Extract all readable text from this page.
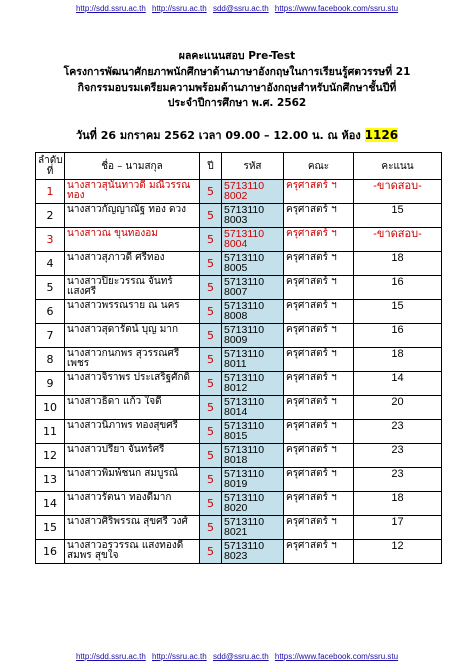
http://sdd.ssru.ac.th http://ssru.ac.th sdd@ssru.ac.th https://www.facebook.com/ssru.stu
ผลคะแนนสอบ Pre-Test
โครงการพัฒนาศักยภาพนักศึกษาด้านภาษาอังกฤษในการเรียนรู้ศตวรรษที่ 21
กิจกรรมอบรมเตรียมความพร้อมด้านภาษาอังกฤษสำหรับนักศึกษาชั้นปีที่
ประจำปีการศึกษา พ.ศ. 2562
วันที่ 26 มกราคม 2562 เวลา 09.00 – 12.00 น. ณ ห้อง 1126
ลำดับที่	ชื่อ – นามสกุล	ปี	รหัส	คณะ	คะแนน
1	นางสาวสุนันทาวดี มณีวรรณทอง	5	5713110 8002	ครุศาสตร์ ฯ	-ขาดสอบ-
2	นางสาวกัญญาณัฐ ทอง ดวง	5	5713110 8003	ครุศาสตร์ ฯ	15
3	นางสาวณ ขุนทองอม	5	5713110 8004	ครุศาสตร์ ฯ	-ขาดสอบ-
4	นางสาวสุภาวดี ศรีทอง	5	5713110 8005	ครุศาสตร์ ฯ	18
5	นางสาวปิยะวรรณ จันทร์แสงศรี	5	5713110 8007	ครุศาสตร์ ฯ	16
6	นางสาวพรรณราย ณ นคร	5	5713110 8008	ครุศาสตร์ ฯ	15
7	นางสาวสุดารัตน์ บุญ มาก	5	5713110 8009	ครุศาสตร์ ฯ	16
8	นางสาวกนกพร สุวรรณศรีเพชร	5	5713110 8011	ครุศาสตร์ ฯ	18
9	นางสาวจิราพร ประเสริฐศักดิ์	5	5713110 8012	ครุศาสตร์ ฯ	14
10	นางสาวธิดา แก้ว ใจดี	5	5713110 8014	ครุศาสตร์ ฯ	20
11	นางสาวนิภาพร ทองสุขศรี	5	5713110 8015	ครุศาสตร์ ฯ	23
12	นางสาวปรียา จันทร์ศรี	5	5713110 8018	ครุศาสตร์ ฯ	23
13	นางสาวพิมพ์ชนก สมบูรณ์	5	5713110 8019	ครุศาสตร์ ฯ	23
14	นางสาวรัตนา ทองดีมาก	5	5713110 8020	ครุศาสตร์ ฯ	18
15	นางสาวศิริพรรณ สุขศรี วงศ์	5	5713110 8021	ครุศาสตร์ ฯ	17
16	นางสาวอรวรรณ แสงทองดี สมพร สุขใจ	5	5713110 8023	ครุศาสตร์ ฯ	12
http://sdd.ssru.ac.th http://ssru.ac.th sdd@ssru.ac.th https://www.facebook.com/ssru.stu
